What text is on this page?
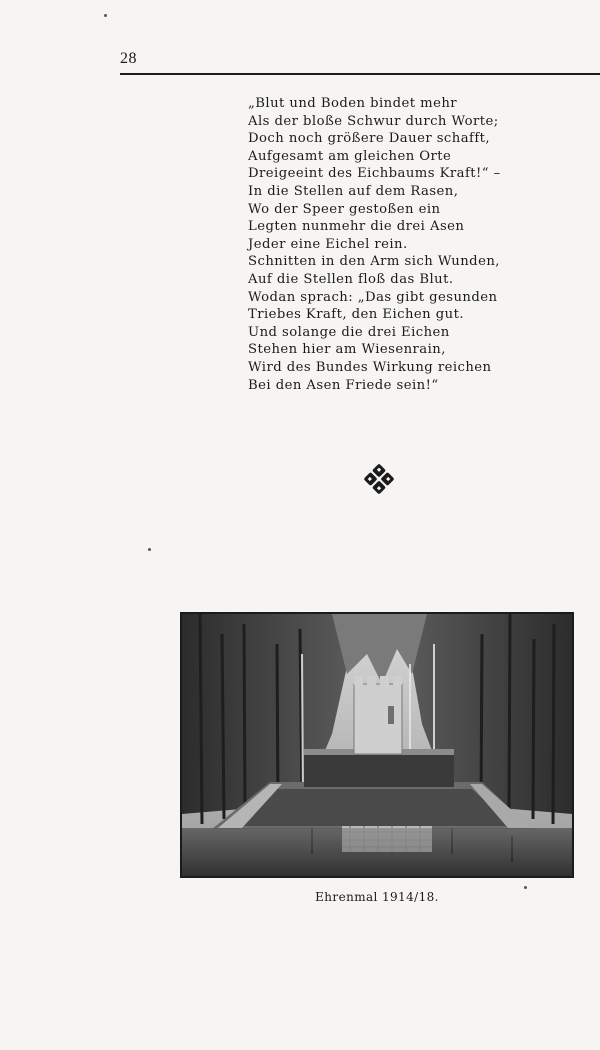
28
„Blut und Boden bindet mehr
Als der bloße Schwur durch Worte;
Doch noch größere Dauer schafft,
Aufgesamt am gleichen Orte
Dreigeeint des Eichbaums Kraft!“ –
In die Stellen auf dem Rasen,
Wo der Speer gestoßen ein
Legten nunmehr die drei Asen
Jeder eine Eichel rein.
Schnitten in den Arm sich Wunden,
Auf die Stellen floß das Blut.
Wodan sprach: „Das gibt gesunden
Triebes Kraft, den Eichen gut.
Und solange die drei Eichen
Stehen hier am Wiesenrain,
Wird des Bundes Wirkung reichen
Bei den Asen Friede sein!“
Ehrenmal 1914/18.
